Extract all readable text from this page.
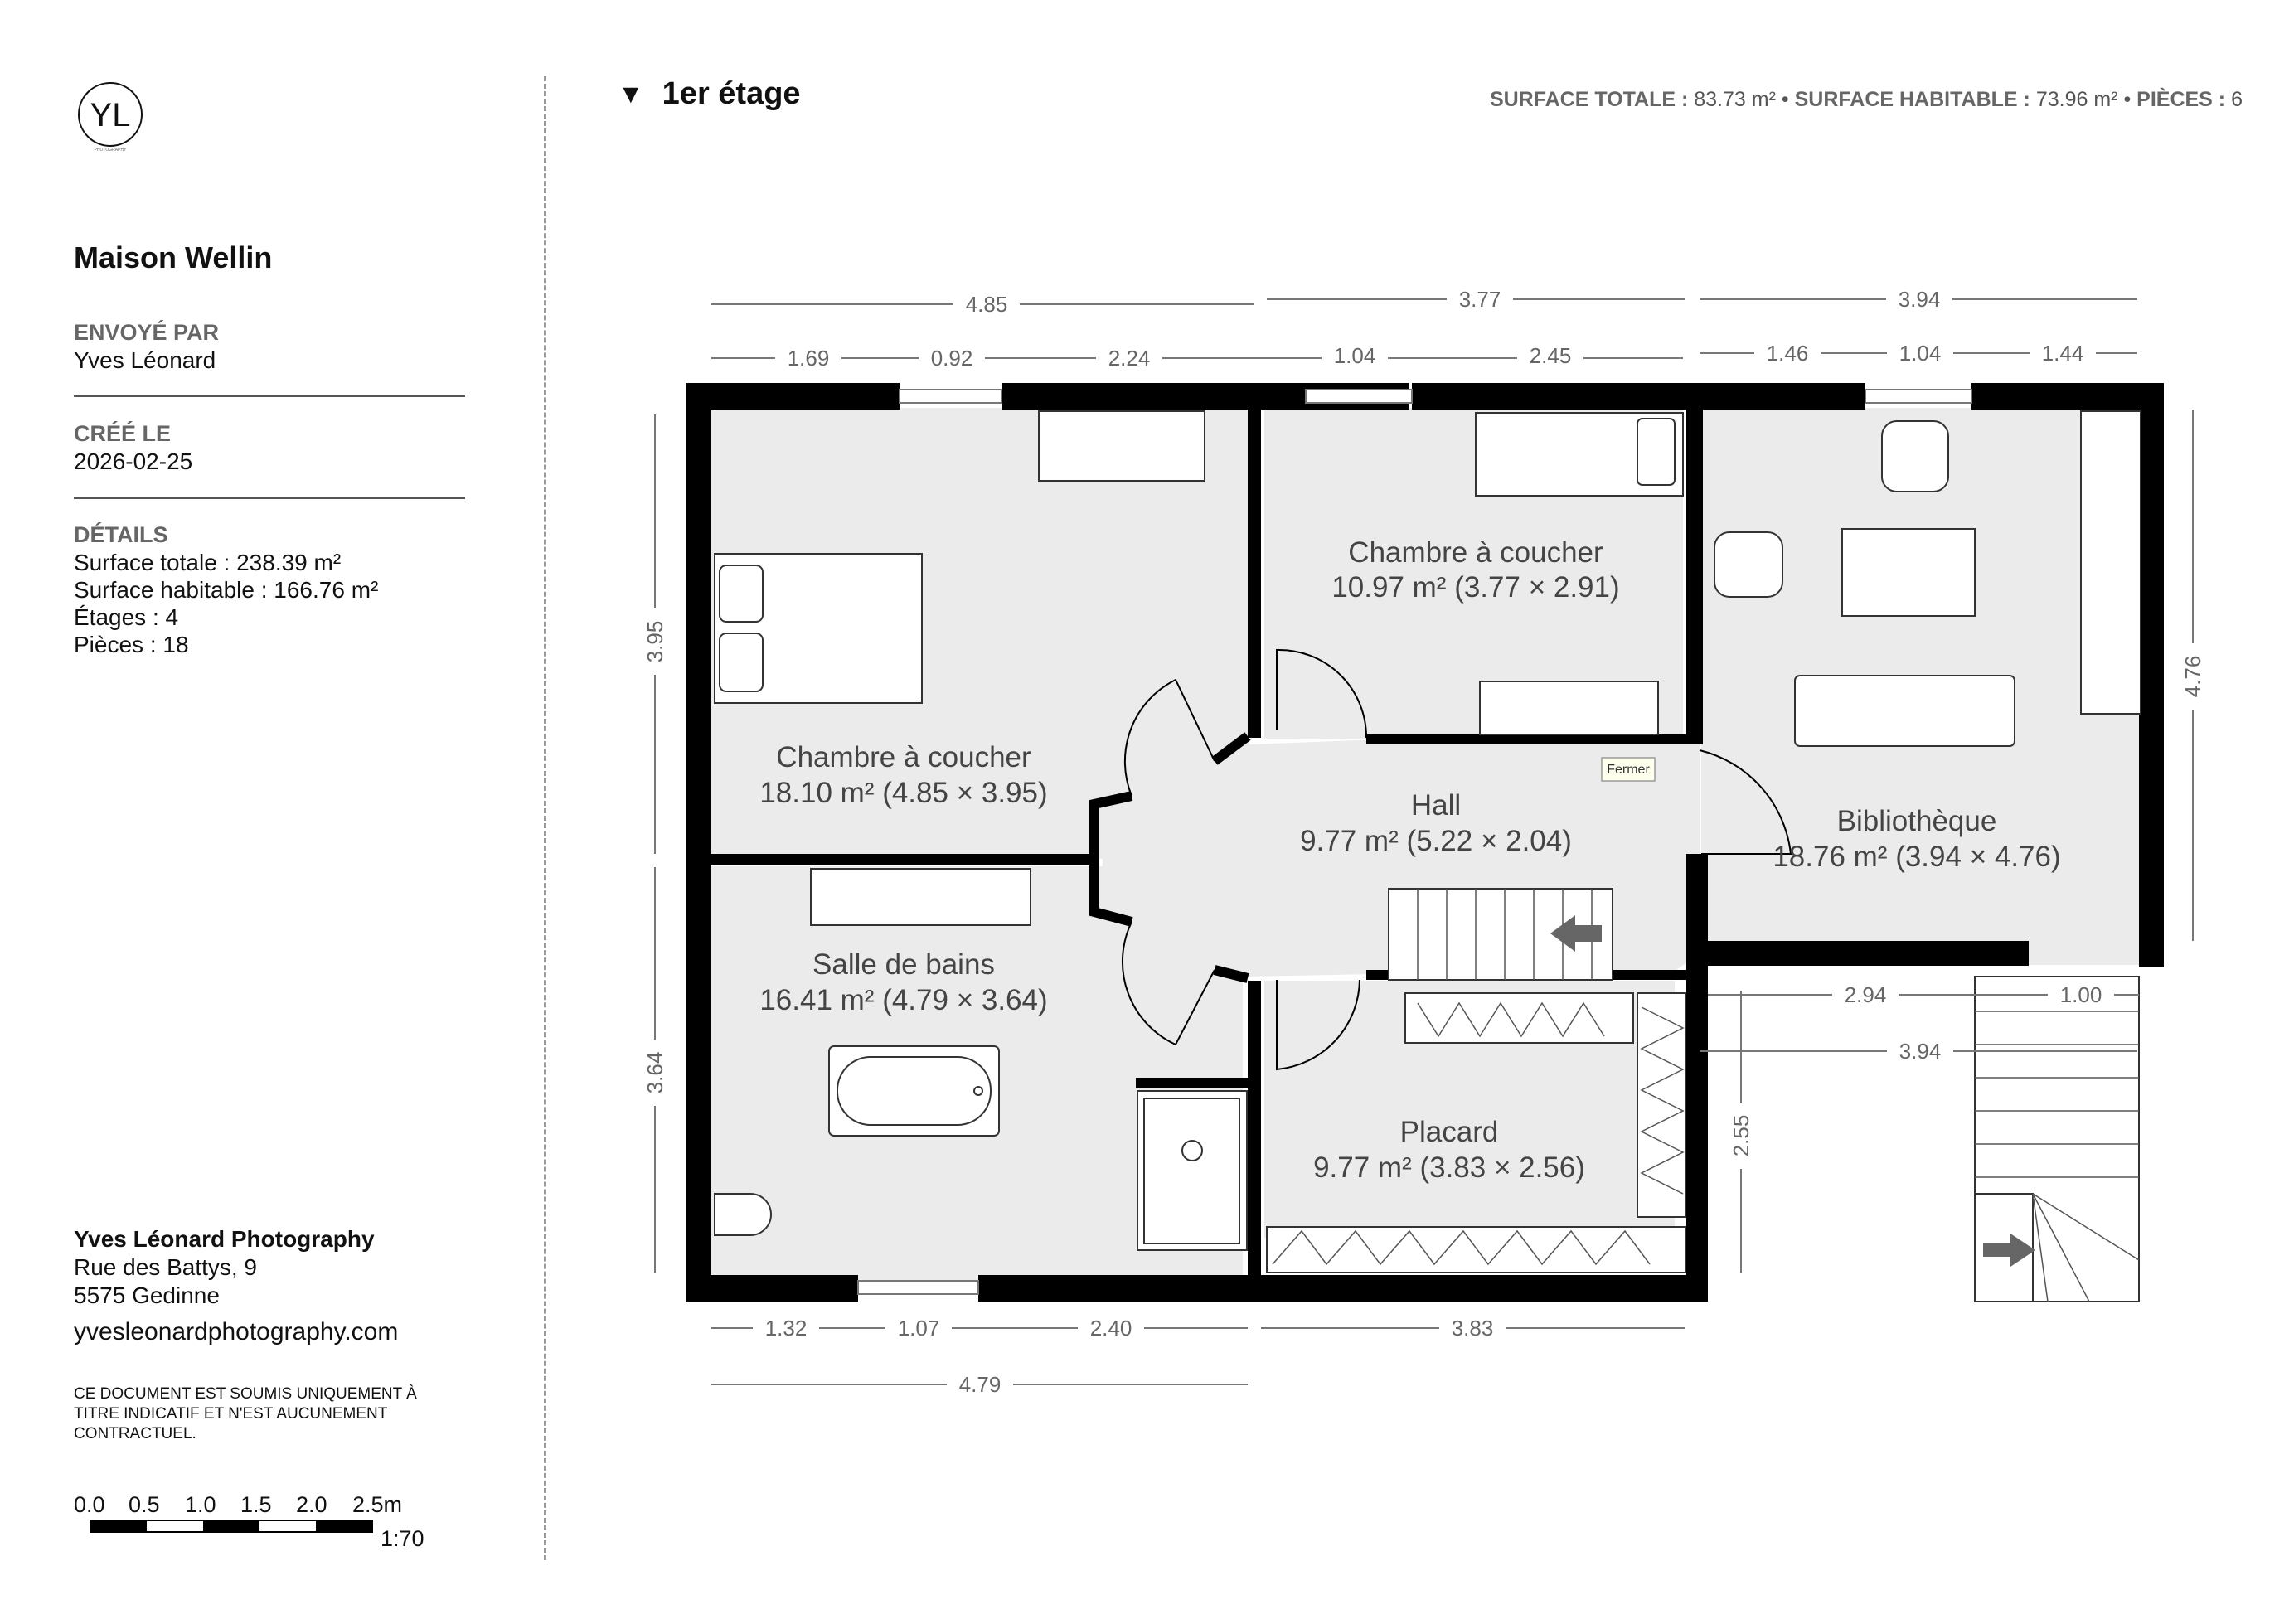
YL
PHOTOGRAPHY
Maison Wellin
ENVOYÉ PAR
Yves Léonard
CRÉÉ LE
2026-02-25
DÉTAILS
Surface totale : 238.39 m²
Surface habitable : 166.76 m²
Étages : 4
Pièces : 18
Yves Léonard Photography
Rue des Battys, 9
5575 Gedinne
yvesleonardphotography.com
CE DOCUMENT EST SOUMIS UNIQUEMENT À TITRE INDICATIF ET N'EST AUCUNEMENT CONTRACTUEL.
0.0 0.5 1.0 1.5 2.0 2.5m
1:70
▼ 1er étage	SURFACE TOTALE : 83.73 m² • SURFACE HABITABLE : 73.96 m² • PIÈCES : 6
Fermer
Chambre à coucher
18.10 m² (4.85 × 3.95)
Chambre à coucher
10.97 m² (3.77 × 2.91)
Bibliothèque
18.76 m² (3.94 × 4.76)
Hall
9.77 m² (5.22 × 2.04)
Salle de bains
16.41 m² (4.79 × 3.64)
Placard
9.77 m² (3.83 × 2.56)
4.85	3.77	3.94
1.69	0.92	2.24	1.04	2.45	1.46	1.04	1.44
3.95
3.64
4.76
2.55
1.32	1.07	2.40	3.83
4.79
2.94	1.00
3.94
